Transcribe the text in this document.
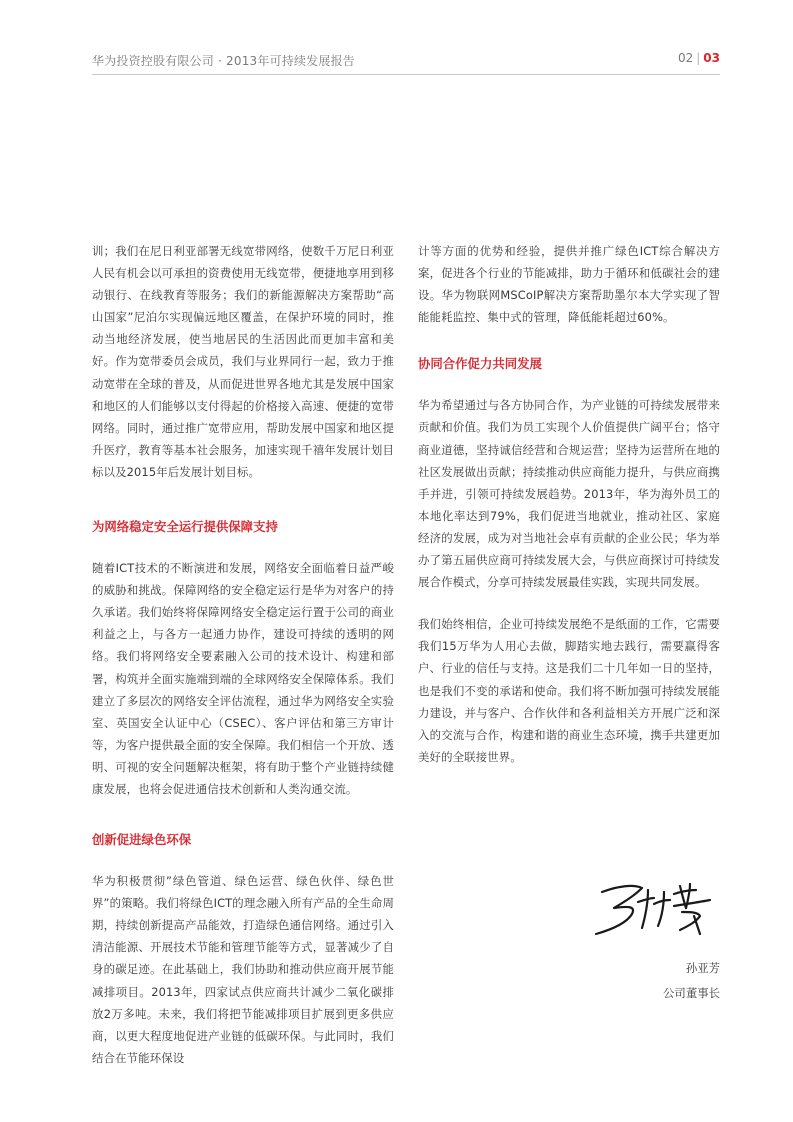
华为投资控股有限公司 · 2013年可持续发展报告	02 | 03

训；我们在尼日利亚部署无线宽带网络，使数千万尼日利亚人民有机会以可承担的资费使用无线宽带，便捷地享用到移动银行、在线教育等服务；我们的新能源解决方案帮助“高山国家”尼泊尔实现偏远地区覆盖，在保护环境的同时，推动当地经济发展，使当地居民的生活因此而更加丰富和美好。作为宽带委员会成员，我们与业界同行一起，致力于推动宽带在全球的普及，从而促进世界各地尤其是发展中国家和地区的人们能够以支付得起的价格接入高速、便捷的宽带网络。同时，通过推广宽带应用，帮助发展中国家和地区提升医疗，教育等基本社会服务，加速实现千禧年发展计划目标以及2015年后发展计划目标。

为网络稳定安全运行提供保障支持

随着ICT技术的不断演进和发展，网络安全面临着日益严峻的威胁和挑战。保障网络的安全稳定运行是华为对客户的持久承诺。我们始终将保障网络安全稳定运行置于公司的商业利益之上，与各方一起通力协作，建设可持续的透明的网络。我们将网络安全要素融入公司的技术设计、构建和部署，构筑并全面实施端到端的全球网络安全保障体系。我们建立了多层次的网络安全评估流程，通过华为网络安全实验室、英国安全认证中心（CSEC）、客户评估和第三方审计等，为客户提供最全面的安全保障。我们相信一个开放、透明、可视的安全问题解决框架，将有助于整个产业链持续健康发展，也将会促进通信技术创新和人类沟通交流。

创新促进绿色环保

华为积极贯彻”绿色管道、绿色运营、绿色伙伴、绿色世界”的策略。我们将绿色ICT的理念融入所有产品的全生命周期，持续创新提高产品能效，打造绿色通信网络。通过引入清洁能源、开展技术节能和管理节能等方式，显著减少了自身的碳足迹。在此基础上，我们协助和推动供应商开展节能减排项目。2013年，四家试点供应商共计减少二氧化碳排放2万多吨。未来，我们将把节能减排项目扩展到更多供应商，以更大程度地促进产业链的低碳环保。与此同时，我们结合在节能环保设

计等方面的优势和经验，提供并推广绿色ICT综合解决方案，促进各个行业的节能减排，助力于循环和低碳社会的建设。华为物联网MSCoIP解决方案帮助墨尔本大学实现了智能能耗监控、集中式的管理，降低能耗超过60%。

协同合作促力共同发展

华为希望通过与各方协同合作，为产业链的可持续发展带来贡献和价值。我们为员工实现个人价值提供广阔平台；恪守商业道德，坚持诚信经营和合规运营；坚持为运营所在地的社区发展做出贡献；持续推动供应商能力提升，与供应商携手并进，引领可持续发展趋势。2013年，华为海外员工的本地化率达到79%，我们促进当地就业，推动社区、家庭经济的发展，成为对当地社会卓有贡献的企业公民；华为举办了第五届供应商可持续发展大会，与供应商探讨可持续发展合作模式，分享可持续发展最佳实践，实现共同发展。

我们始终相信，企业可持续发展绝不是纸面的工作，它需要我们15万华为人用心去做，脚踏实地去践行，需要赢得客户、行业的信任与支持。这是我们二十几年如一日的坚持，也是我们不变的承诺和使命。我们将不断加强可持续发展能力建设，并与客户、合作伙伴和各利益相关方开展广泛和深入的交流与合作，构建和谐的商业生态环境，携手共建更加美好的全联接世界。

孙亚芳
公司董事长
